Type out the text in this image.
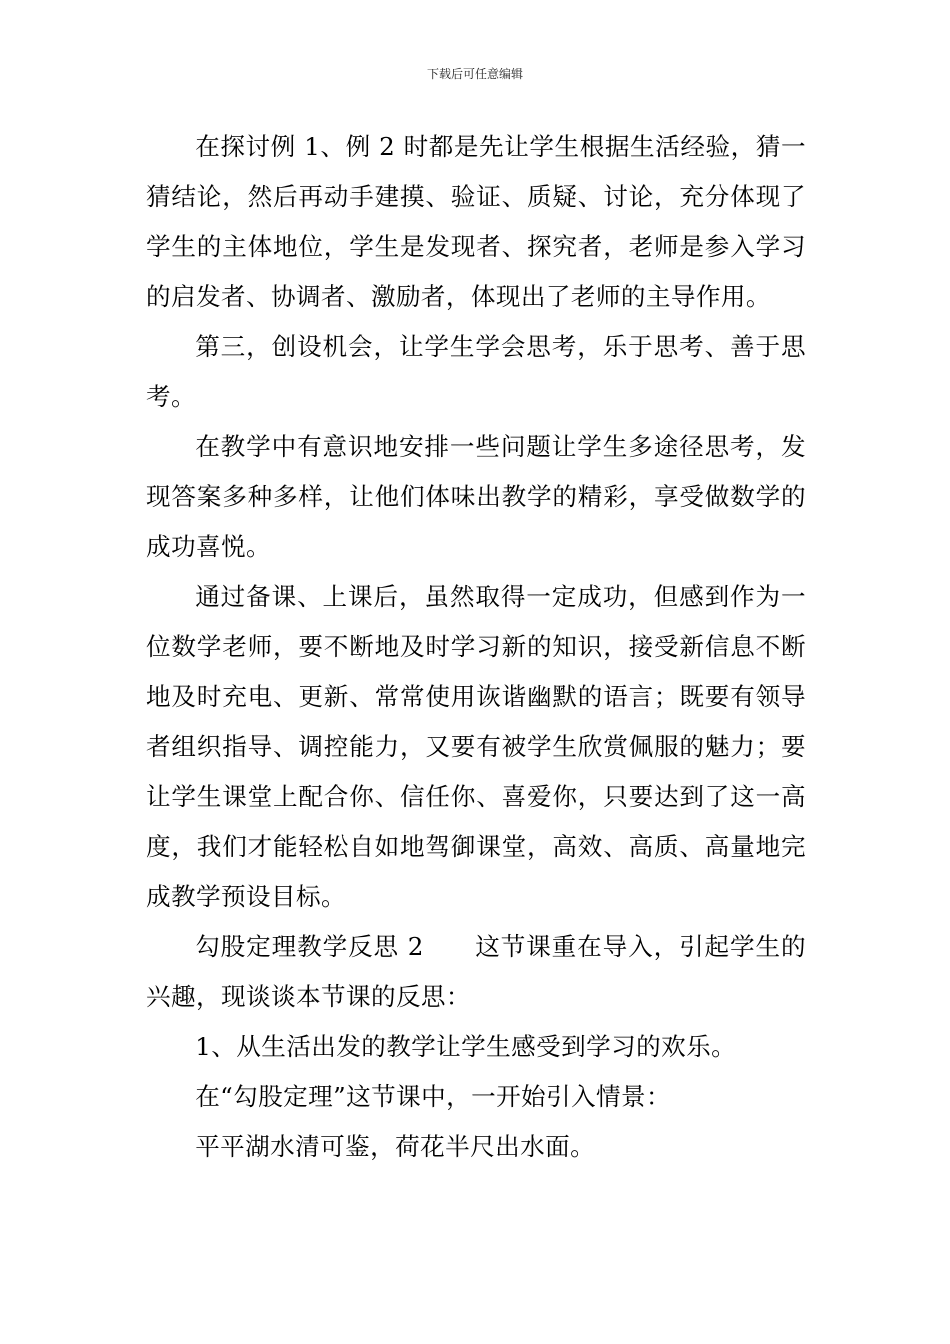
下载后可任意编辑

在探讨例 1、例 2 时都是先让学生根据生活经验，猜一猜结论，然后再动手建摸、验证、质疑、讨论，充分体现了学生的主体地位，学生是发现者、探究者，老师是参入学习的启发者、协调者、激励者，体现出了老师的主导作用。

第三，创设机会，让学生学会思考，乐于思考、善于思考。

在教学中有意识地安排一些问题让学生多途径思考，发现答案多种多样，让他们体味出教学的精彩，享受做数学的成功喜悦。

通过备课、上课后，虽然取得一定成功，但感到作为一位数学老师，要不断地及时学习新的知识，接受新信息不断地及时充电、更新、常常使用诙谐幽默的语言；既要有领导者组织指导、调控能力，又要有被学生欣赏佩服的魅力；要让学生课堂上配合你、信任你、喜爱你，只要达到了这一高度，我们才能轻松自如地驾御课堂，高效、高质、高量地完成教学预设目标。

勾股定理教学反思 2　　这节课重在导入，引起学生的兴趣，现谈谈本节课的反思：

1、从生活出发的教学让学生感受到学习的欢乐。

在“勾股定理”这节课中，一开始引入情景：

平平湖水清可鉴，荷花半尺出水面。
